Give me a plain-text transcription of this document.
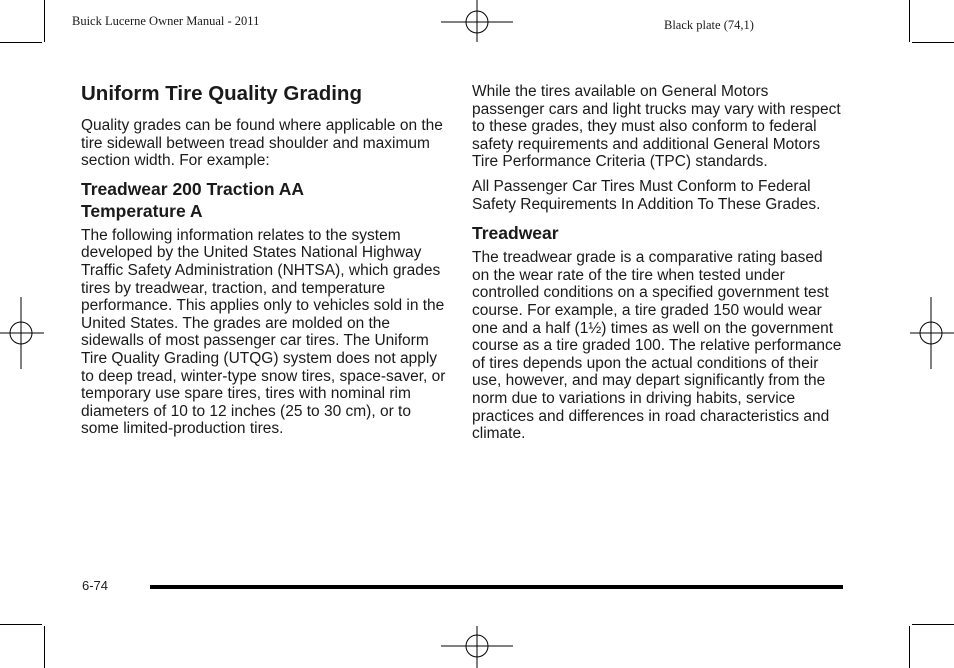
Buick Lucerne Owner Manual - 2011	Black plate (74,1)
Uniform Tire Quality Grading

Quality grades can be found where applicable on the tire sidewall between tread shoulder and maximum section width. For example:

Treadwear 200 Traction AA Temperature A

The following information relates to the system developed by the United States National Highway Traffic Safety Administration (NHTSA), which grades tires by treadwear, traction, and temperature performance. This applies only to vehicles sold in the United States. The grades are molded on the sidewalls of most passenger car tires. The Uniform Tire Quality Grading (UTQG) system does not apply to deep tread, winter-type snow tires, space-saver, or temporary use spare tires, tires with nominal rim diameters of 10 to 12 inches (25 to 30 cm), or to some limited-production tires.

While the tires available on General Motors passenger cars and light trucks may vary with respect to these grades, they must also conform to federal safety requirements and additional General Motors Tire Performance Criteria (TPC) standards.

All Passenger Car Tires Must Conform to Federal Safety Requirements In Addition To These Grades.

Treadwear

The treadwear grade is a comparative rating based on the wear rate of the tire when tested under controlled conditions on a specified government test course. For example, a tire graded 150 would wear one and a half (1½) times as well on the government course as a tire graded 100. The relative performance of tires depends upon the actual conditions of their use, however, and may depart significantly from the norm due to variations in driving habits, service practices and differences in road characteristics and climate.

6-74
